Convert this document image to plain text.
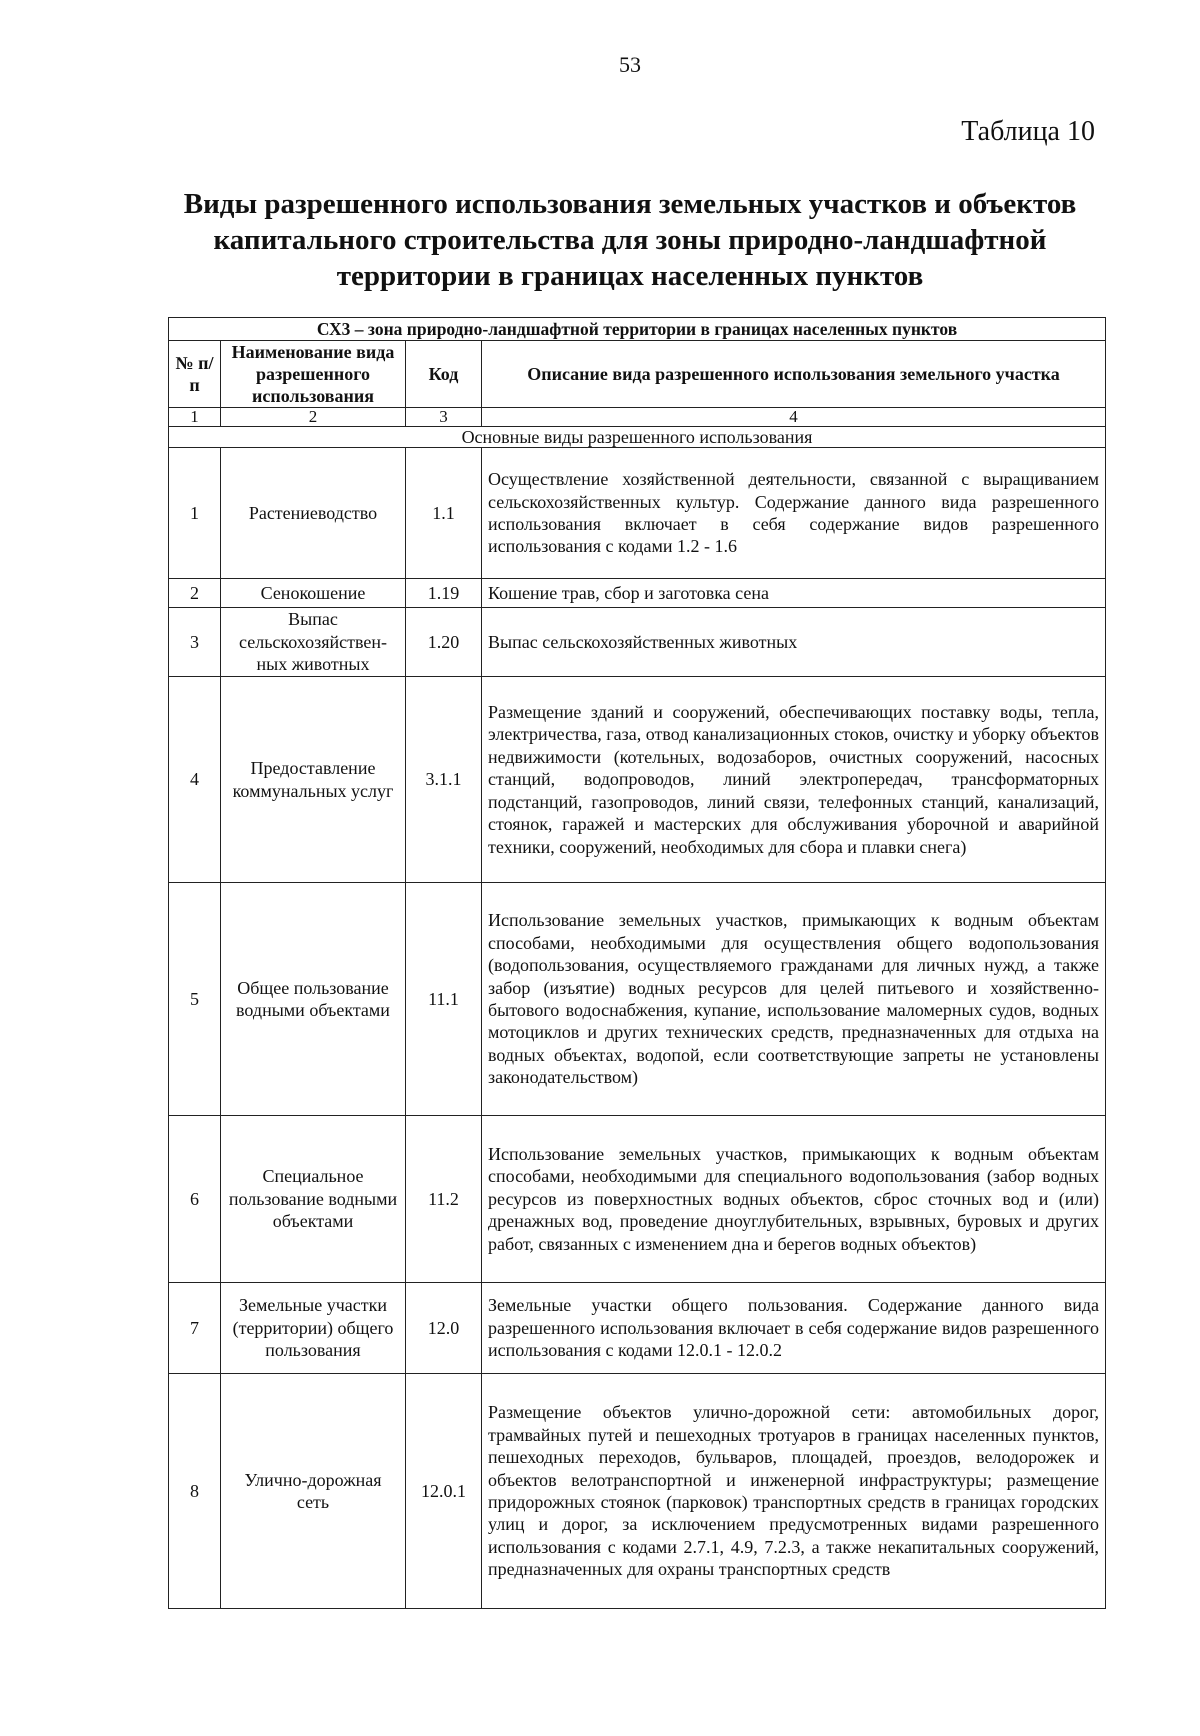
53
Таблица 10
Виды разрешенного использования земельных участков и объектов капитального строительства для зоны природно-ландшафтной территории в границах населенных пунктов
СХ3 – зона природно-ландшафтной территории в границах населенных пунктов			
№ п/п	Наименование вида разрешенного использования	Код	Описание вида разрешенного использования земельного участка
1	2	3	4
Основные виды разрешенного использования			
1	Растениеводство	1.1	Осуществление хозяйственной деятельности, связанной с выращиванием сельскохозяйственных культур. Содержание данного вида разрешенного использования включает в себя содержание видов разрешенного использования с кодами 1.2 - 1.6
2	Сенокошение	1.19	Кошение трав, сбор и заготовка сена
3	Выпас сельскохозяйствен-ных животных	1.20	Выпас сельскохозяйственных животных
4	Предоставление коммунальных услуг	3.1.1	Размещение зданий и сооружений, обеспечивающих поставку воды, тепла, электричества, газа, отвод канализационных стоков, очистку и уборку объектов недвижимости (котельных, водозаборов, очистных сооружений, насосных станций, водопроводов, линий электропередач, трансформаторных подстанций, газопроводов, линий связи, телефонных станций, канализаций, стоянок, гаражей и мастерских для обслуживания уборочной и аварийной техники, сооружений, необходимых для сбора и плавки снега)
5	Общее пользование водными объектами	11.1	Использование земельных участков, примыкающих к водным объектам способами, необходимыми для осуществления общего водопользования (водопользования, осуществляемого гражданами для личных нужд, а также забор (изъятие) водных ресурсов для целей питьевого и хозяйственно-бытового водоснабжения, купание, использование маломерных судов, водных мотоциклов и других технических средств, предназначенных для отдыха на водных объектах, водопой, если соответствующие запреты не установлены законодательством)
6	Специальное пользование водными объектами	11.2	Использование земельных участков, примыкающих к водным объектам способами, необходимыми для специального водопользования (забор водных ресурсов из поверхностных водных объектов, сброс сточных вод и (или) дренажных вод, проведение дноуглубительных, взрывных, буровых и других работ, связанных с изменением дна и берегов водных объектов)
7	Земельные участки (территории) общего пользования	12.0	Земельные участки общего пользования. Содержание данного вида разрешенного использования включает в себя содержание видов разрешенного использования с кодами 12.0.1 - 12.0.2
8	Улично-дорожная сеть	12.0.1	Размещение объектов улично-дорожной сети: автомобильных дорог, трамвайных путей и пешеходных тротуаров в границах населенных пунктов, пешеходных переходов, бульваров, площадей, проездов, велодорожек и объектов велотранспортной и инженерной инфраструктуры; размещение придорожных стоянок (парковок) транспортных средств в границах городских улиц и дорог, за исключением предусмотренных видами разрешенного использования с кодами 2.7.1, 4.9, 7.2.3, а также некапитальных сооружений, предназначенных для охраны транспортных средств
